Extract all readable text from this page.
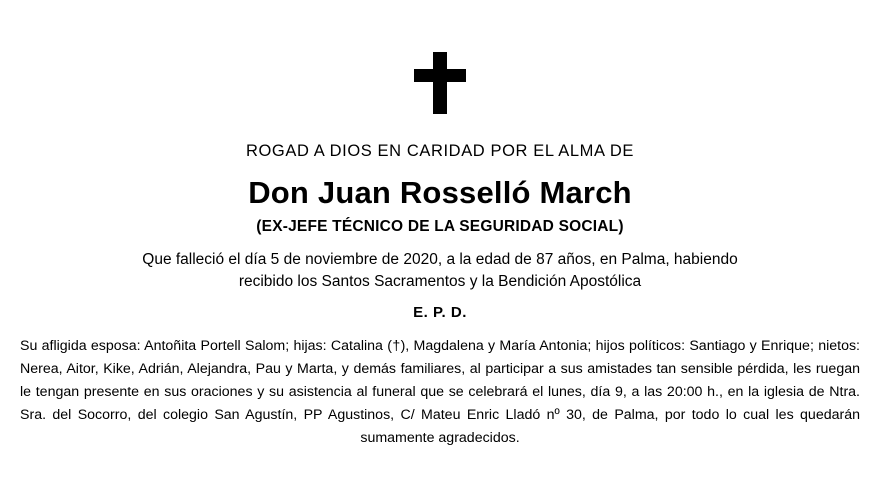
ROGAD A DIOS EN CARIDAD POR EL ALMA DE
Don Juan Rosselló March
(EX-JEFE TÉCNICO DE LA SEGURIDAD SOCIAL)
Que falleció el día 5 de noviembre de 2020, a la edad de 87 años, en Palma, habiendo recibido los Santos Sacramentos y la Bendición Apostólica
E. P. D.
Su afligida esposa: Antoñita Portell Salom; hijas: Catalina (†), Magdalena y María Antonia; hijos políticos: Santiago y Enrique; nietos: Nerea, Aitor, Kike, Adrián, Alejandra, Pau y Marta, y demás familiares, al participar a sus amistades tan sensible pérdida, les ruegan le tengan presente en sus oraciones y su asistencia al funeral que se celebrará el lunes, día 9, a las 20:00 h., en la iglesia de Ntra. Sra. del Socorro, del colegio San Agustín, PP Agustinos, C/ Mateu Enric Lladó nº 30, de Palma, por todo lo cual les quedarán sumamente agradecidos.
